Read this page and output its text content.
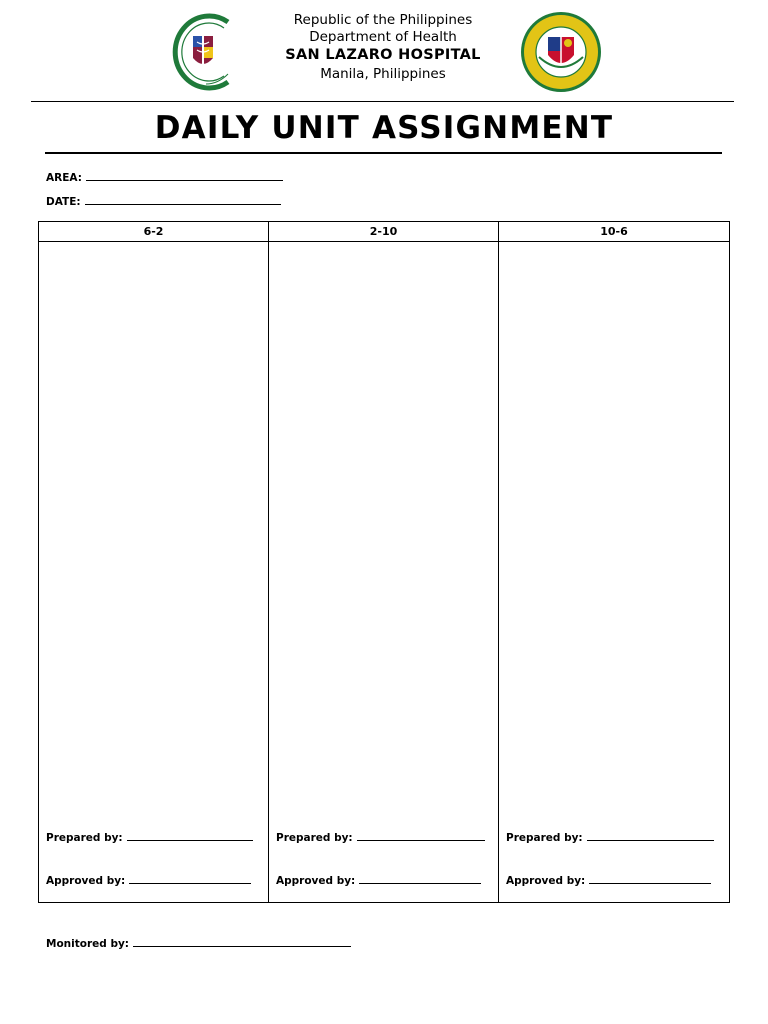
Republic of the Philippines
Department of Health
SAN LAZARO HOSPITAL
Manila, Philippines
DAILY UNIT ASSIGNMENT
AREA:
DATE:
6-2	2-10	10-6
Prepared by:
Approved by:
Prepared by:
Approved by:
Prepared by:
Approved by:
Monitored by:
